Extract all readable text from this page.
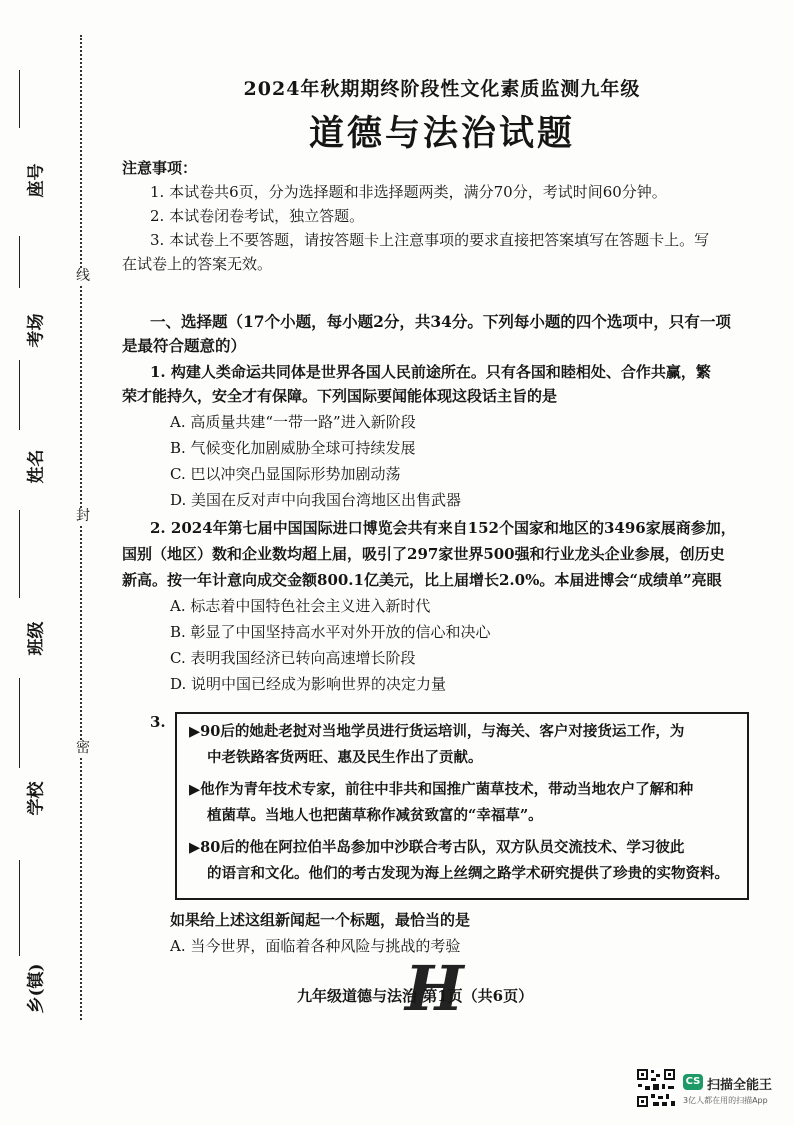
线
封
密
座号
考场
姓名
班级
学校
乡(镇)
2024年秋期期终阶段性文化素质监测九年级
道德与法治试题
注意事项：
1. 本试卷共6页，分为选择题和非选择题两类，满分70分，考试时间60分钟。
2. 本试卷闭卷考试，独立答题。
3. 本试卷上不要答题，请按答题卡上注意事项的要求直接把答案填写在答题卡上。写
在试卷上的答案无效。
一、选择题（17个小题，每小题2分，共34分。下列每小题的四个选项中，只有一项
是最符合题意的）
1. 构建人类命运共同体是世界各国人民前途所在。只有各国和睦相处、合作共赢，繁
荣才能持久，安全才有保障。下列国际要闻能体现这段话主旨的是
A. 高质量共建“一带一路”进入新阶段
B. 气候变化加剧威胁全球可持续发展
C. 巴以冲突凸显国际形势加剧动荡
D. 美国在反对声中向我国台湾地区出售武器
2. 2024年第七届中国国际进口博览会共有来自152个国家和地区的3496家展商参加，
国别（地区）数和企业数均超上届，吸引了297家世界500强和行业龙头企业参展，创历史
新高。按一年计意向成交金额800.1亿美元，比上届增长2.0%。本届进博会“成绩单”亮眼
A. 标志着中国特色社会主义进入新时代
B. 彰显了中国坚持高水平对外开放的信心和决心
C. 表明我国经济已转向高速增长阶段
D. 说明中国已经成为影响世界的决定力量
3.
▶90后的她赴老挝对当地学员进行货运培训，与海关、客户对接货运工作，为
中老铁路客货两旺、惠及民生作出了贡献。
▶他作为青年技术专家，前往中非共和国推广菌草技术，带动当地农户了解和种
植菌草。当地人也把菌草称作减贫致富的“幸福草”。
▶80后的他在阿拉伯半岛参加中沙联合考古队，双方队员交流技术、学习彼此
的语言和文化。他们的考古发现为海上丝绸之路学术研究提供了珍贵的实物资料。
如果给上述这组新闻起一个标题，最恰当的是
A. 当今世界，面临着各种风险与挑战的考验
H
九年级道德与法治 第1页（共6页）
CS 扫描全能王
3亿人都在用的扫描App
